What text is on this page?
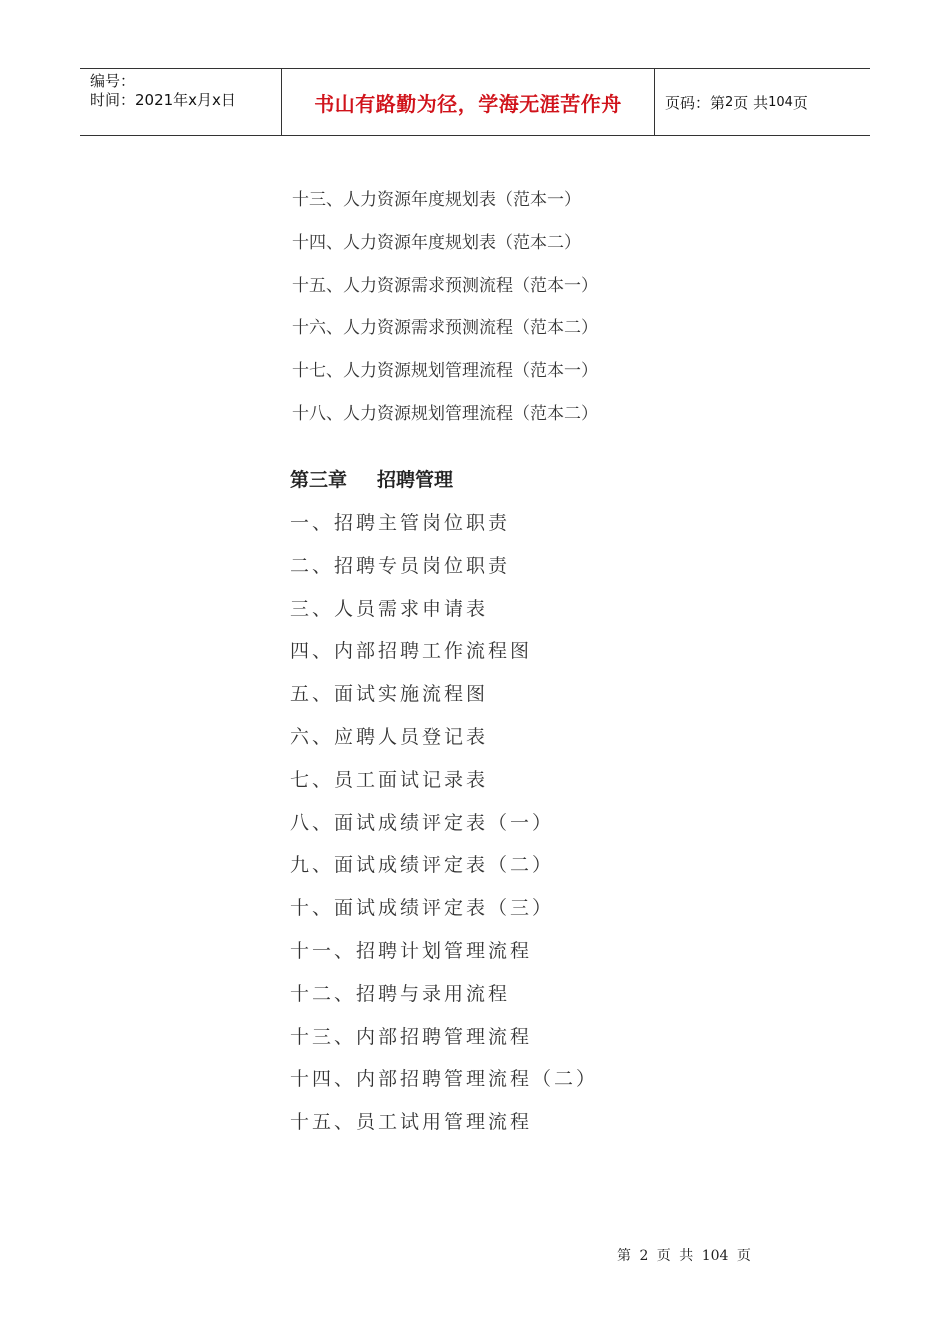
编号：
时间：2021年x月x日	书山有路勤为径，学海无涯苦作舟	页码：第 2 页 共 104 页
十三、人力资源年度规划表（范本一）
十四、人力资源年度规划表（范本二）
十五、人力资源需求预测流程（范本一）
十六、人力资源需求预测流程（范本二）
十七、人力资源规划管理流程（范本一）
十八、人力资源规划管理流程（范本二）
第三章 招聘管理
一、招聘主管岗位职责
二、招聘专员岗位职责
三、人员需求申请表
四、内部招聘工作流程图
五、面试实施流程图
六、应聘人员登记表
七、员工面试记录表
八、面试成绩评定表（一）
九、面试成绩评定表（二）
十、面试成绩评定表（三）
十一、招聘计划管理流程
十二、招聘与录用流程
十三、内部招聘管理流程
十四、内部招聘管理流程（二）
十五、员工试用管理流程
第 2 页 共 104 页
